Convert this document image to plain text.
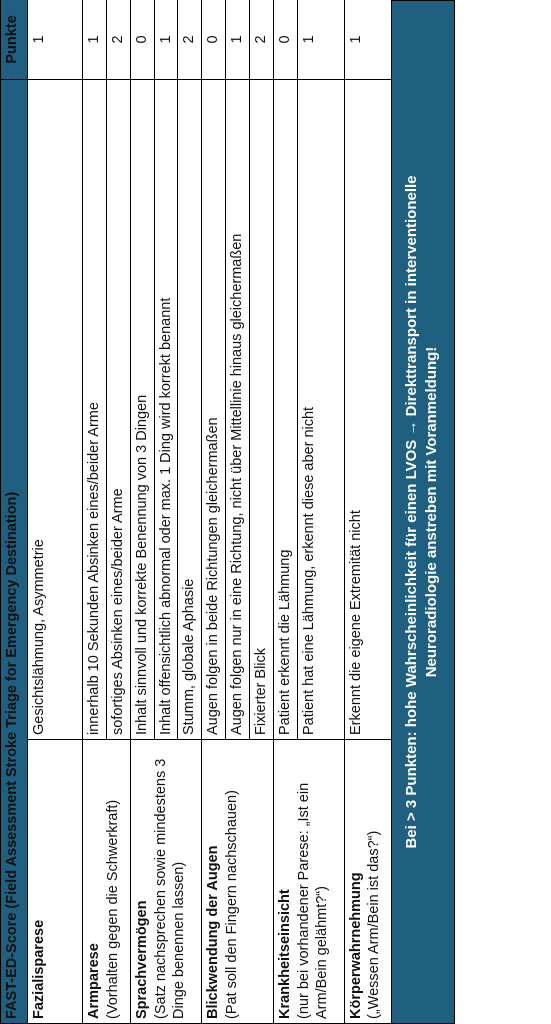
FAST-ED-Score (Field Assessment Stroke Triage for Emergency Destination)		Punkte

Fazialisparese	Gesichtslähmung, Asymmetrie	1

Armparese (Vorhalten gegen die Schwerkraft)	innerhalb 10 Sekunden Absinken eines/beider Arme	1
	sofortiges Absinken eines/beider Arme	2

Sprachvermögen (Satz nachsprechen sowie mindestens 3 Dinge benennen lassen)	Inhalt sinnvoll und korrekte Benennung von 3 Dingen	0
	Inhalt offensichtlich abnormal oder max. 1 Ding wird korrekt benannt	1
	Stumm, globale Aphasie	2

Blickwendung der Augen (Pat soll den Fingern nachschauen)	Augen folgen in beide Richtungen gleichermaßen	0
	Augen folgen nur in eine Richtung, nicht über Mittellinie hinaus gleichermaßen	1
	Fixierter Blick	2

Krankheitseinsicht (nur bei vorhandener Parese: „Ist ein Arm/Bein gelähmt?“)	Patient erkennt die Lähmung	0
	Patient hat eine Lähmung, erkennt diese aber nicht	1

Körperwahrnehmung („Wessen Arm/Bein ist das?“)	Erkennt die eigene Extremität nicht	1
Bei > 3 Punkten: hohe Wahrscheinlichkeit für einen LVOS → Direkttransport in interventionelle Neuroradiologie anstreben mit Voranmeldung!
